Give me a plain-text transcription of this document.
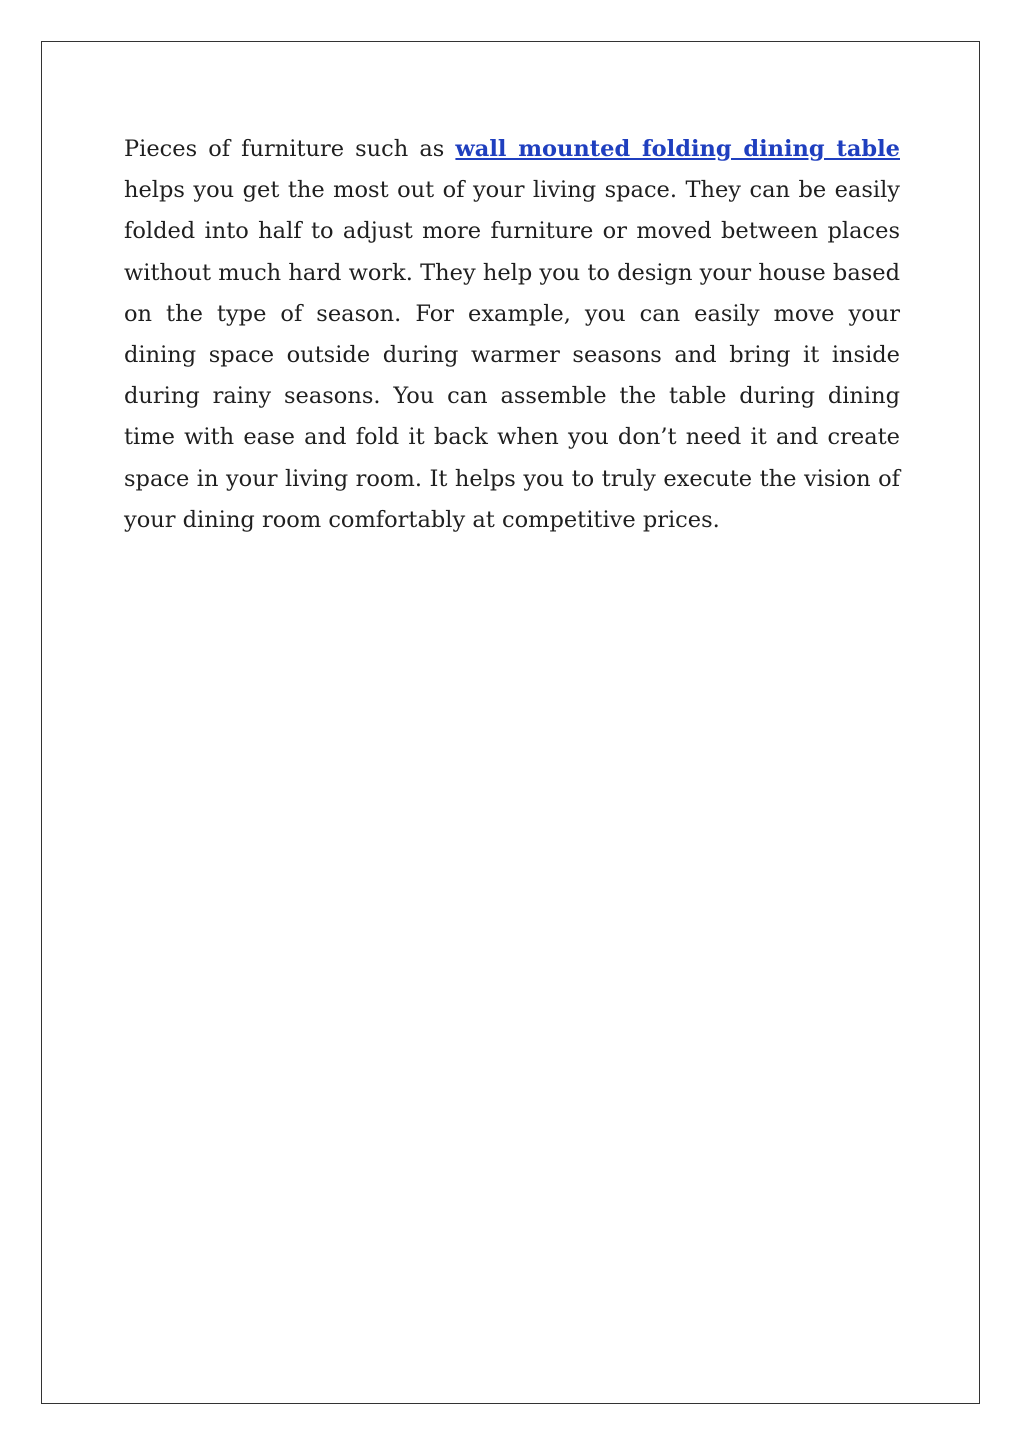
Pieces of furniture such as wall mounted folding dining table helps you get the most out of your living space. They can be easily folded into half to adjust more furniture or moved between places without much hard work. They help you to design your house based on the type of season. For example, you can easily move your dining space outside during warmer seasons and bring it inside during rainy seasons. You can assemble the table during dining time with ease and fold it back when you don’t need it and create space in your living room. It helps you to truly execute the vision of your dining room comfortably at competitive prices.
